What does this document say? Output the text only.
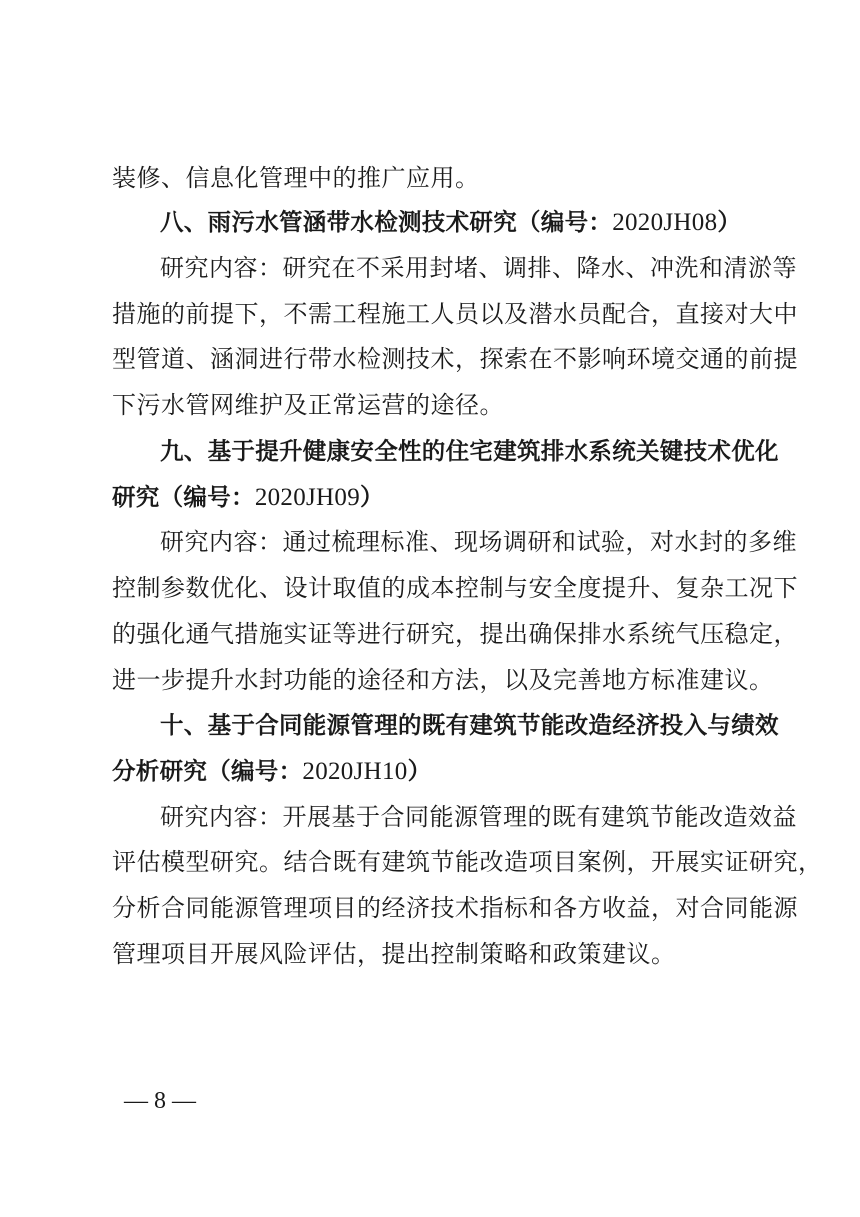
装修、信息化管理中的推广应用。
八、雨污水管涵带水检测技术研究（编号：2020JH08）
研究内容：研究在不采用封堵、调排、降水、冲洗和清淤等
措施的前提下，不需工程施工人员以及潜水员配合，直接对大中
型管道、涵洞进行带水检测技术，探索在不影响环境交通的前提
下污水管网维护及正常运营的途径。
九、基于提升健康安全性的住宅建筑排水系统关键技术优化
研究（编号：2020JH09）
研究内容：通过梳理标准、现场调研和试验，对水封的多维
控制参数优化、设计取值的成本控制与安全度提升、复杂工况下
的强化通气措施实证等进行研究，提出确保排水系统气压稳定，
进一步提升水封功能的途径和方法，以及完善地方标准建议。
十、基于合同能源管理的既有建筑节能改造经济投入与绩效
分析研究（编号：2020JH10）
研究内容：开展基于合同能源管理的既有建筑节能改造效益
评估模型研究。结合既有建筑节能改造项目案例，开展实证研究，
分析合同能源管理项目的经济技术指标和各方收益，对合同能源
管理项目开展风险评估，提出控制策略和政策建议。
— 8 —
